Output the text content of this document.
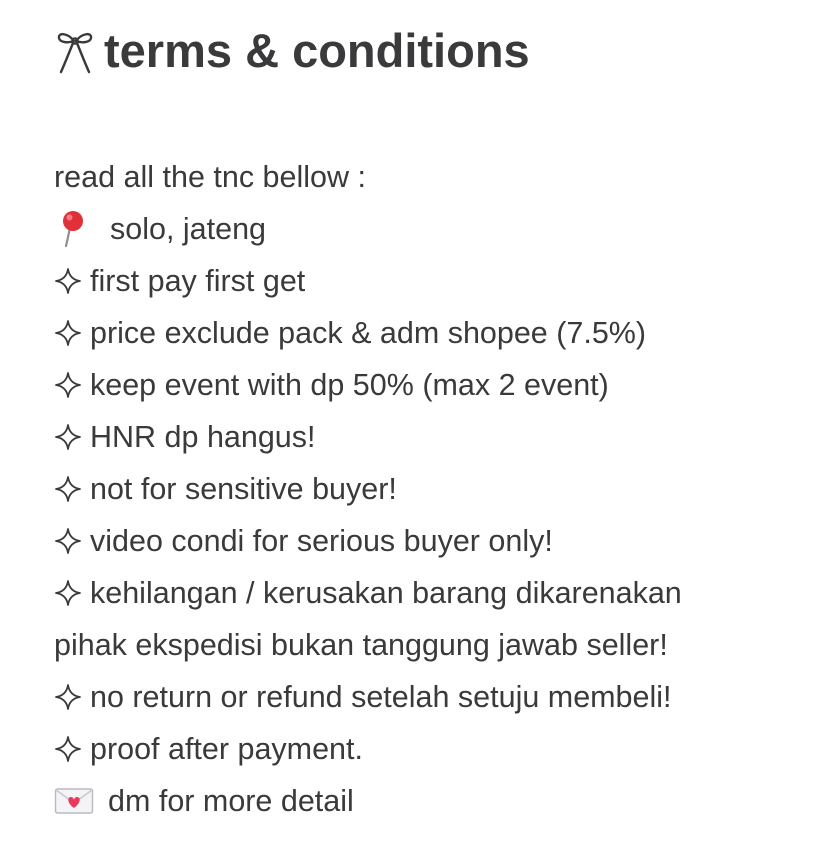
terms & conditions
read all the tnc bellow :
solo, jateng
first pay first get
price exclude pack & adm shopee (7.5%)
keep event with dp 50% (max 2 event)
HNR dp hangus!
not for sensitive buyer!
video condi for serious buyer only!
kehilangan / kerusakan barang dikarenakan
pihak ekspedisi bukan tanggung jawab seller!
no return or refund setelah setuju membeli!
proof after payment.
dm for more detail
